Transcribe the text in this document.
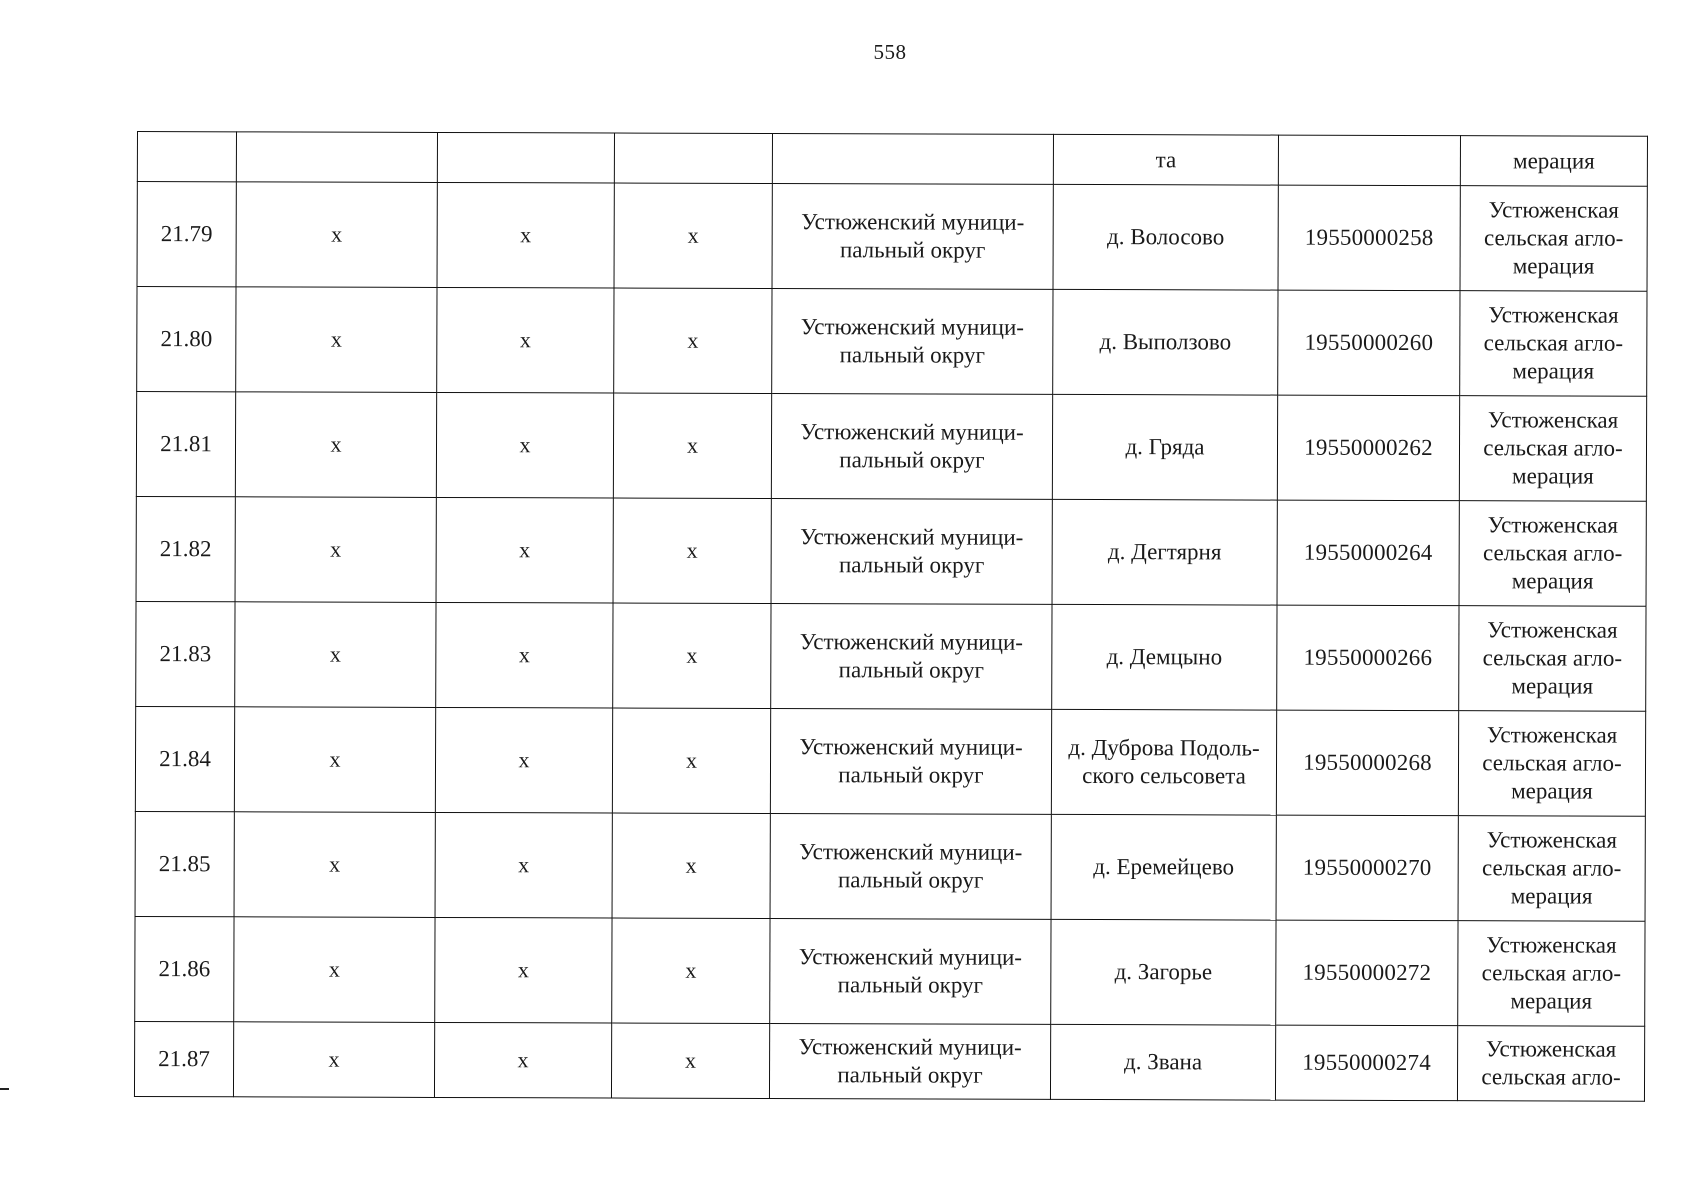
558
					та		мерация
21.79	х	х	х	Устюженский муници-
пальный округ	д. Волосово	19550000258	Устюженская
сельская агло-
мерация
21.80	х	х	х	Устюженский муници-
пальный округ	д. Выползово	19550000260	Устюженская
сельская агло-
мерация
21.81	х	х	х	Устюженский муници-
пальный округ	д. Гряда	19550000262	Устюженская
сельская агло-
мерация
21.82	х	х	х	Устюженский муници-
пальный округ	д. Дегтярня	19550000264	Устюженская
сельская агло-
мерация
21.83	х	х	х	Устюженский муници-
пальный округ	д. Демцыно	19550000266	Устюженская
сельская агло-
мерация
21.84	х	х	х	Устюженский муници-
пальный округ	д. Дуброва Подоль-
ского сельсовета	19550000268	Устюженская
сельская агло-
мерация
21.85	х	х	х	Устюженский муници-
пальный округ	д. Еремейцево	19550000270	Устюженская
сельская агло-
мерация
21.86	х	х	х	Устюженский муници-
пальный округ	д. Загорье	19550000272	Устюженская
сельская агло-
мерация
21.87	х	х	х	Устюженский муници-
пальный округ	д. Звана	19550000274	Устюженская
сельская агло-
